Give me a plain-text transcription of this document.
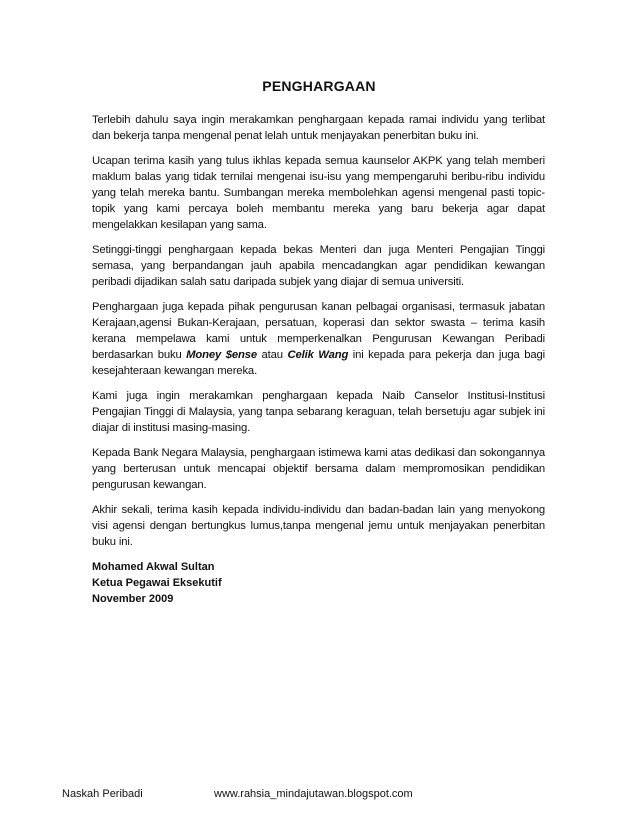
PENGHARGAAN

Terlebih dahulu saya ingin merakamkan penghargaan kepada ramai individu yang terlibat dan bekerja tanpa mengenal penat lelah untuk menjayakan penerbitan buku ini.

Ucapan terima kasih yang tulus ikhlas kepada semua kaunselor AKPK yang telah memberi maklum balas yang tidak ternilai mengenai isu-isu yang mempengaruhi beribu-ribu individu yang telah mereka bantu. Sumbangan mereka membolehkan agensi mengenal pasti topic-topik yang kami percaya boleh membantu mereka yang baru bekerja agar dapat mengelakkan kesilapan yang sama.

Setinggi-tinggi penghargaan kepada bekas Menteri dan juga Menteri Pengajian Tinggi semasa, yang berpandangan jauh apabila mencadangkan agar pendidikan kewangan peribadi dijadikan salah satu daripada subjek yang diajar di semua universiti.

Penghargaan juga kepada pihak pengurusan kanan pelbagai organisasi, termasuk jabatan Kerajaan,agensi Bukan-Kerajaan, persatuan, koperasi dan sektor swasta – terima kasih kerana mempelawa kami untuk memperkenalkan Pengurusan Kewangan Peribadi berdasarkan buku Money $ense atau Celik Wang ini kepada para pekerja dan juga bagi kesejahteraan kewangan mereka.

Kami juga ingin merakamkan penghargaan kepada Naib Canselor Institusi-Institusi Pengajian Tinggi di Malaysia, yang tanpa sebarang keraguan, telah bersetuju agar subjek ini diajar di institusi masing-masing.

Kepada Bank Negara Malaysia, penghargaan istimewa kami atas dedikasi dan sokongannya yang berterusan untuk mencapai objektif bersama dalam mempromosikan pendidikan pengurusan kewangan.

Akhir sekali, terima kasih kepada individu-individu dan badan-badan lain yang menyokong visi agensi dengan bertungkus lumus,tanpa mengenal jemu untuk menjayakan penerbitan buku ini.

Mohamed Akwal Sultan
Ketua Pegawai Eksekutif
November 2009
Naskah Peribadi	www.rahsia_mindajutawan.blogspot.com
